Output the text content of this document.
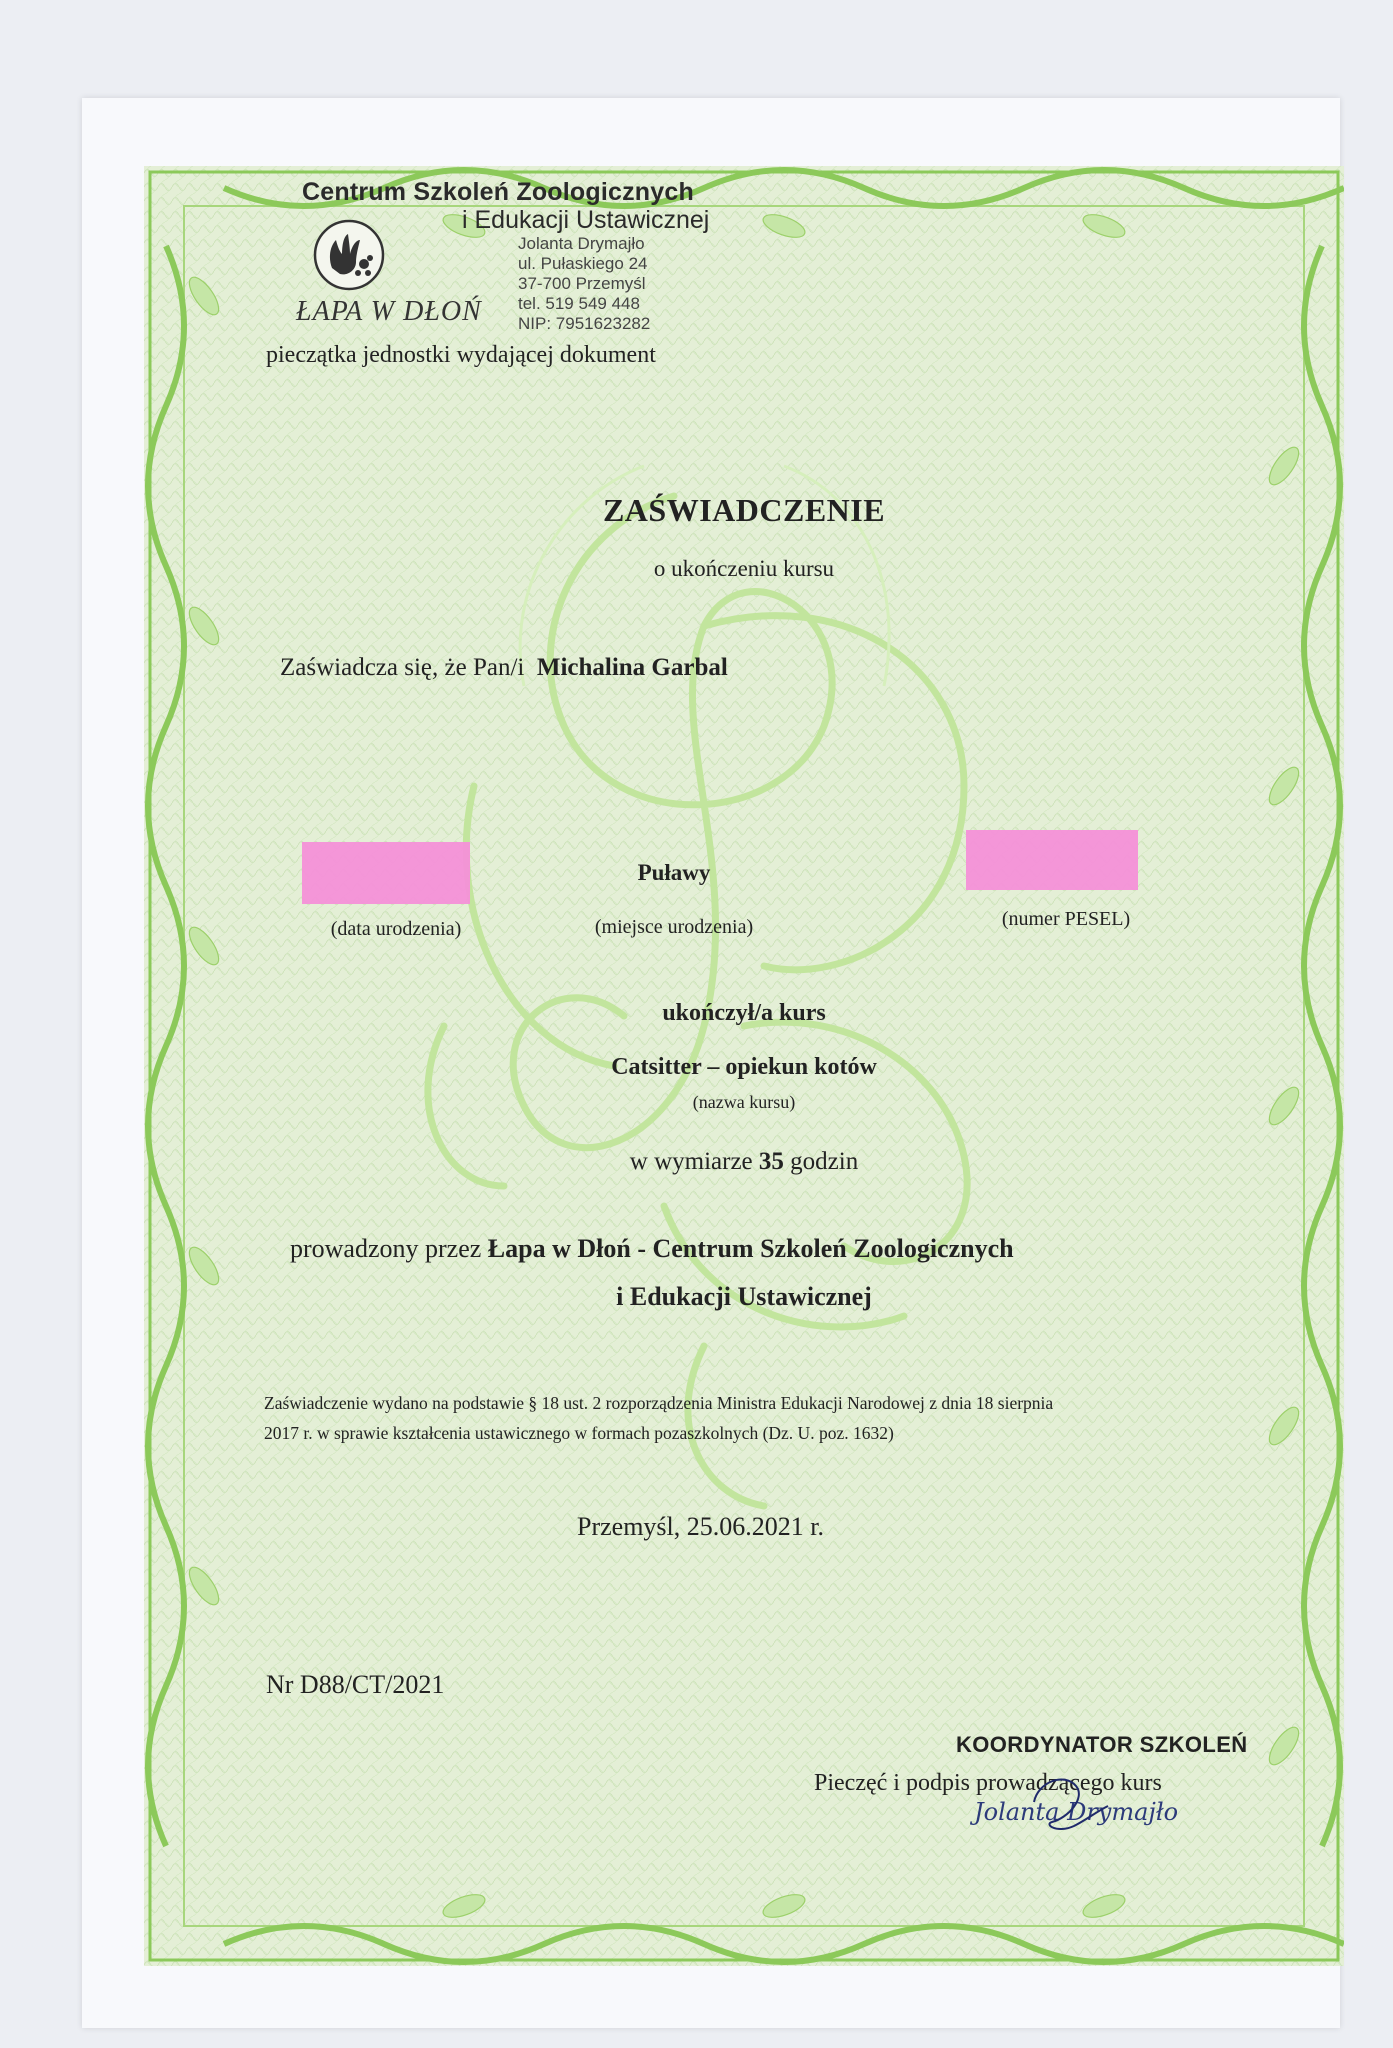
Centrum Szkoleń Zoologicznych
i Edukacji Ustawicznej
Jolanta Drymajło
ul. Pułaskiego 24
37-700 Przemyśl
tel. 519 549 448
NIP: 7951623282
ŁAPA W DŁOŃ
pieczątka jednostki wydającej dokument
ZAŚWIADCZENIE
o ukończeniu kursu
Zaświadcza się, że Pan/i Michalina Garbal
Puławy
(data urodzenia)	(miejsce urodzenia)	(numer PESEL)
ukończył/a kurs
Catsitter – opiekun kotów
(nazwa kursu)
w wymiarze 35 godzin
prowadzony przez Łapa w Dłoń - Centrum Szkoleń Zoologicznych
i Edukacji Ustawicznej
Zaświadczenie wydano na podstawie § 18 ust. 2 rozporządzenia Ministra Edukacji Narodowej z dnia 18 sierpnia
2017 r. w sprawie kształcenia ustawicznego w formach pozaszkolnych (Dz. U. poz. 1632)
Przemyśl, 25.06.2021 r.
Nr D88/CT/2021
KOORDYNATOR SZKOLEŃ
Pieczęć i podpis prowadzącego kurs
Jolanta Drymajło
